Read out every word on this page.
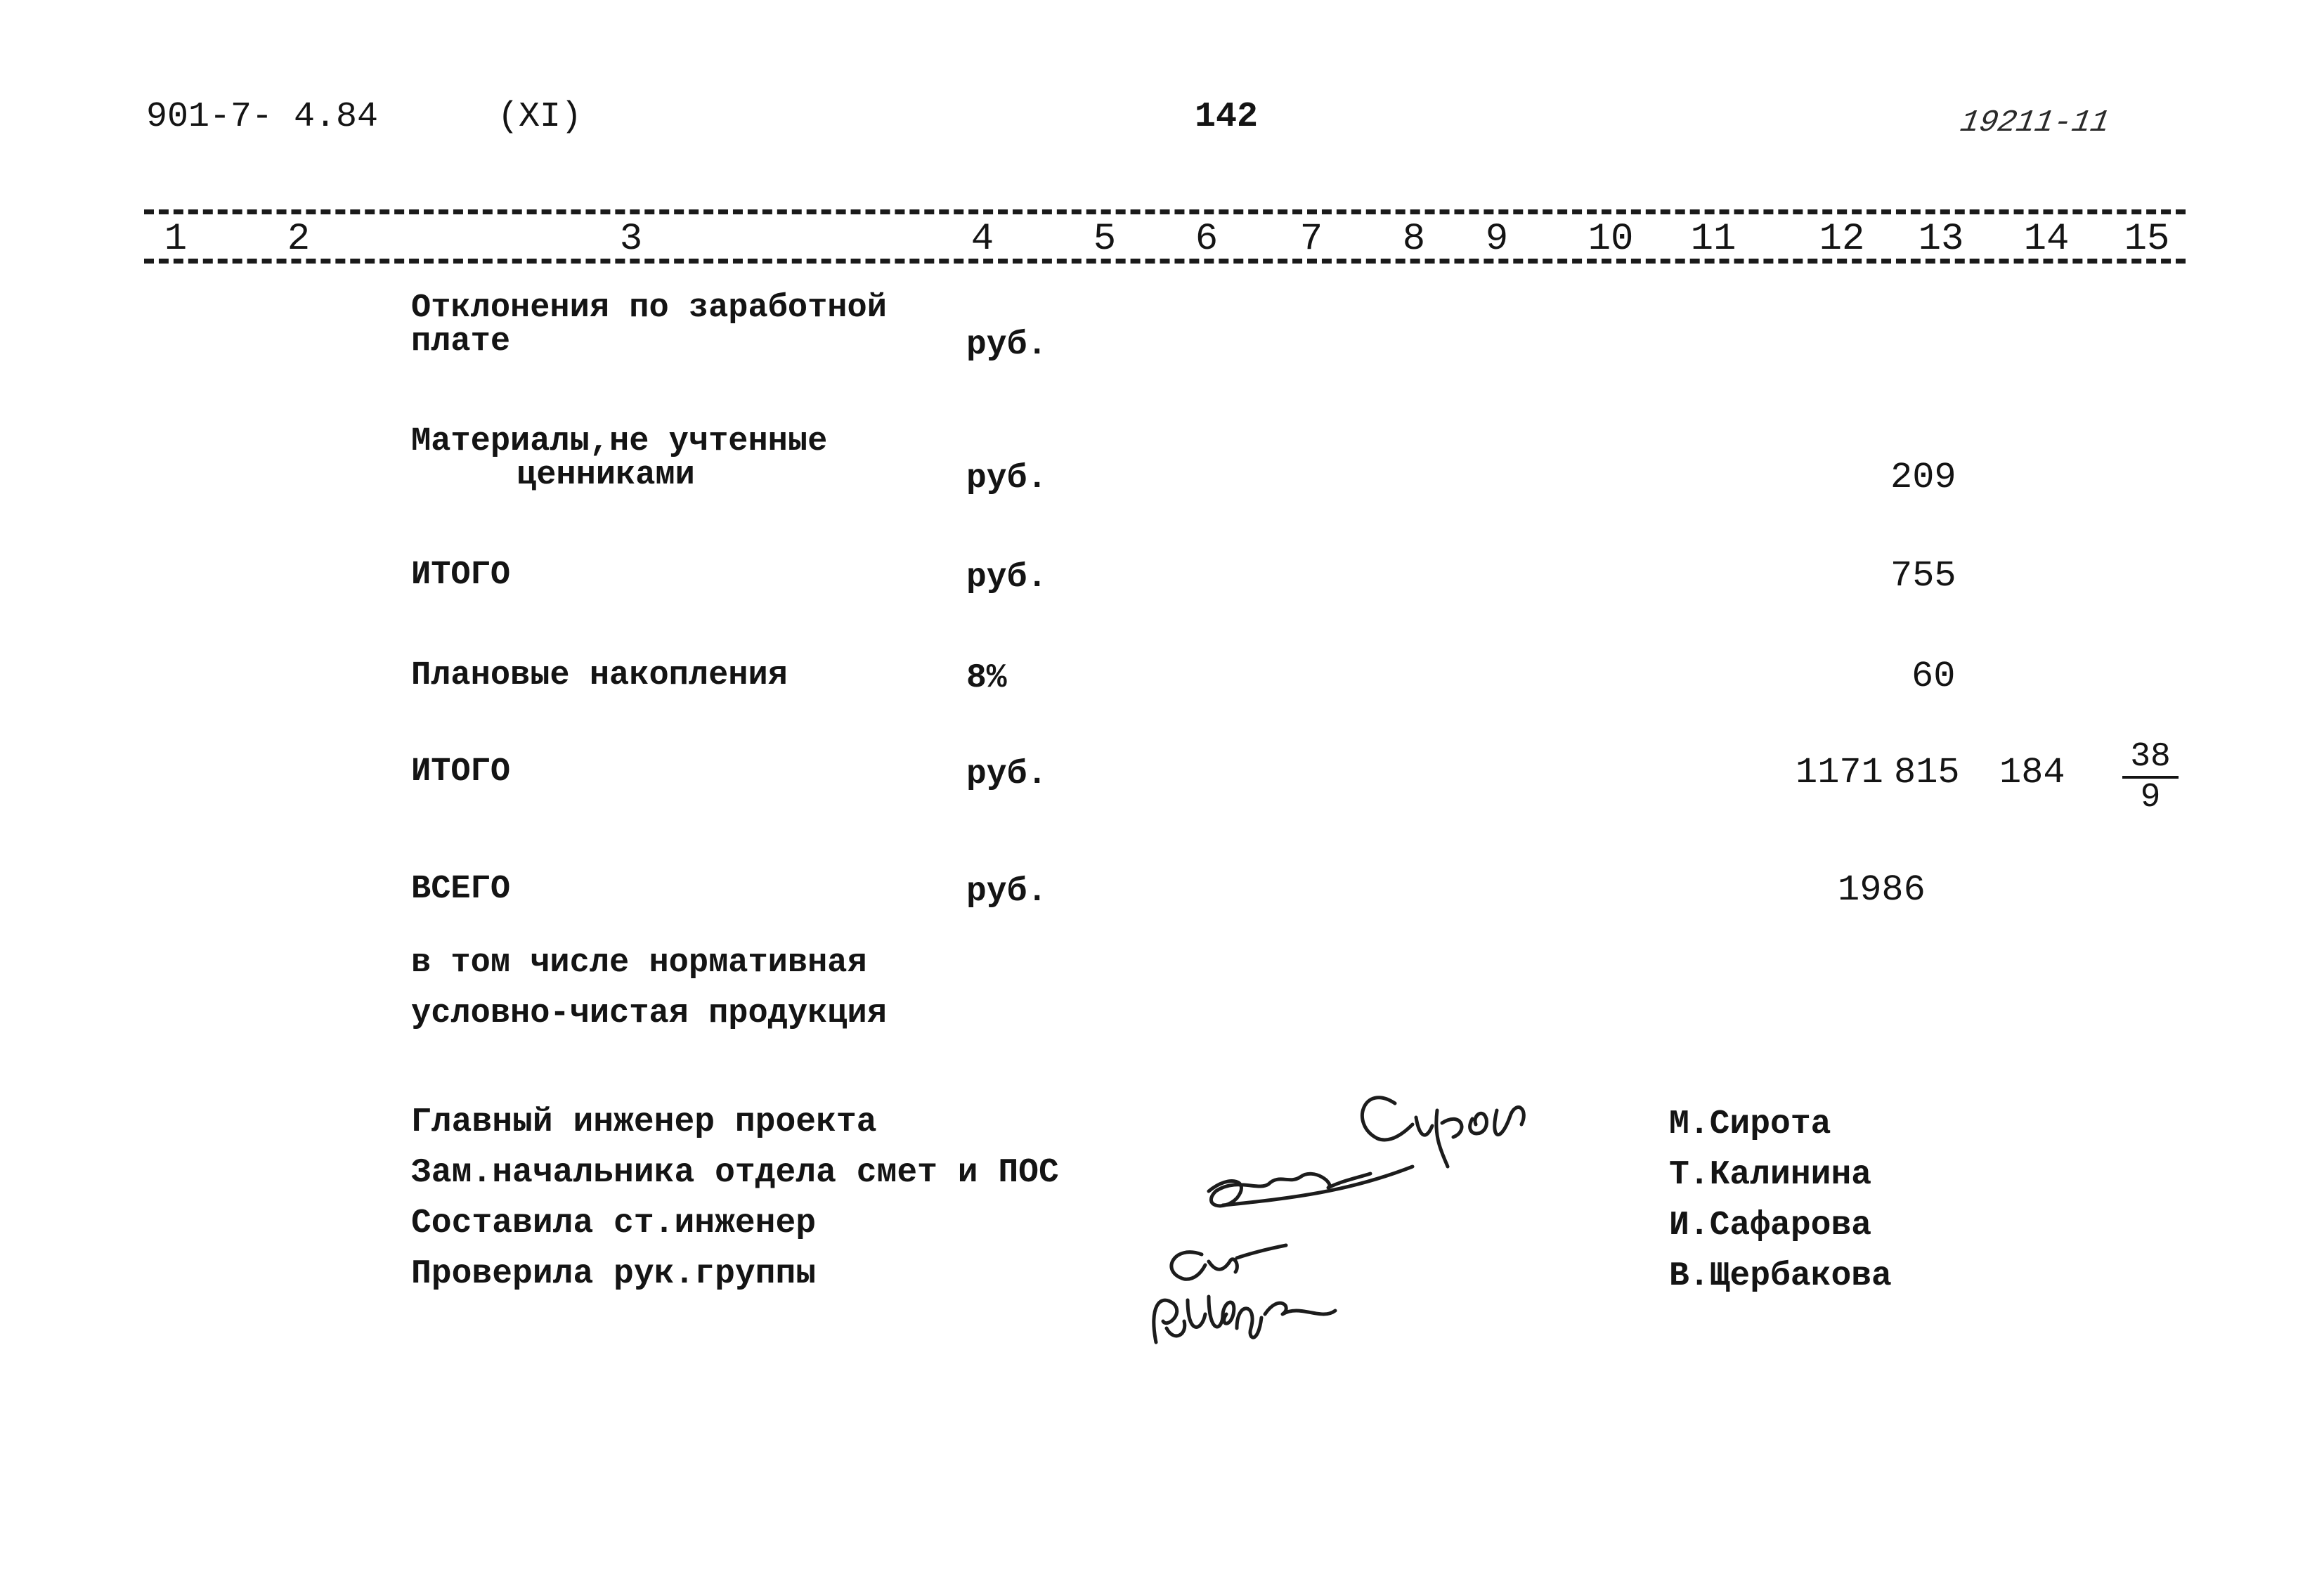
901-7- 4.84	(XI)	142	19211-11
1	2	3	4	5 6 7 8 9 10 11 12 13 14 15
Отклонения по заработной
плате	руб.
Материалы,не учтенные
ценниками	руб.	209
ИТОГО	руб.	755
Плановые накопления	8%	60
ИТОГО	руб.	1171 815 $184 \frac{38}{9}$
ВСЕГО	руб.	1986
в том числе нормативная
условно-чистая продукция
Главный инженер проекта
Зам.начальника отдела смет и ПОС
Составила ст.инженер
Проверила рук.группы
М.Сирота
Т.Калинина
И.Сафарова
В.Щербакова
